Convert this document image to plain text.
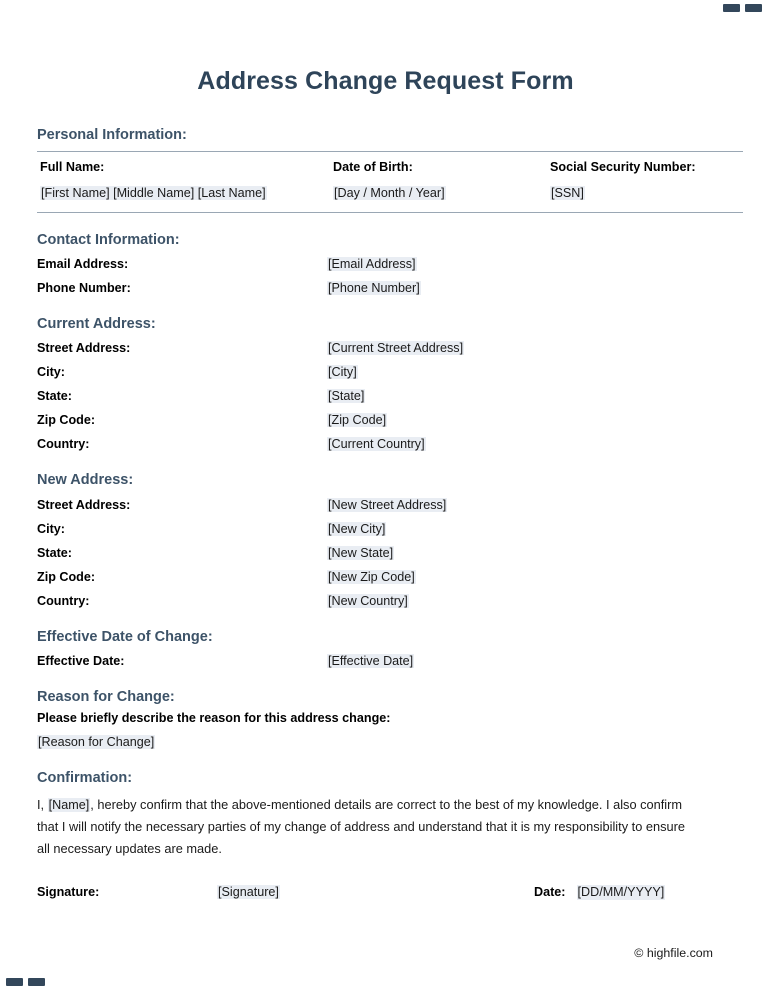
Address Change Request Form
Personal Information:
Full Name:	Date of Birth:	Social Security Number:
[First Name] [Middle Name] [Last Name]	[Day / Month / Year]	[SSN]
Contact Information:
Email Address:	[Email Address]
Phone Number:	[Phone Number]
Current Address:
Street Address:	[Current Street Address]
City:	[City]
State:	[State]
Zip Code:	[Zip Code]
Country:	[Current Country]
New Address:
Street Address:	[New Street Address]
City:	[New City]
State:	[New State]
Zip Code:	[New Zip Code]
Country:	[New Country]
Effective Date of Change:
Effective Date:	[Effective Date]
Reason for Change:
Please briefly describe the reason for this address change:
[Reason for Change]
Confirmation:

I, [Name], hereby confirm that the above-mentioned details are correct to the best of my knowledge. I also confirm that I will notify the necessary parties of my change of address and understand that it is my responsibility to ensure all necessary updates are made.

Signature:	[Signature]	Date: [DD/MM/YYYY]
© highfile.com
